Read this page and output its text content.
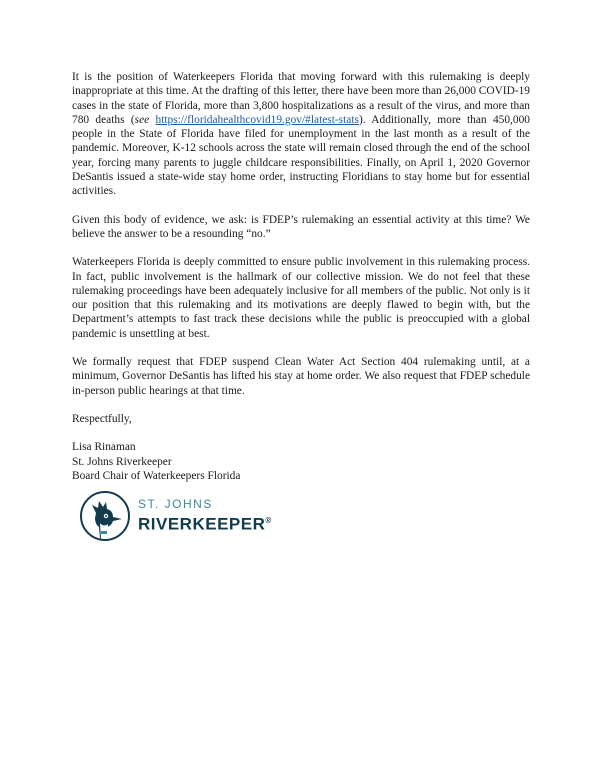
It is the position of Waterkeepers Florida that moving forward with this rulemaking is deeply inappropriate at this time. At the drafting of this letter, there have been more than 26,000 COVID-19 cases in the state of Florida, more than 3,800 hospitalizations as a result of the virus, and more than 780 deaths (see https://floridahealthcovid19.gov/#latest-stats). Additionally, more than 450,000 people in the State of Florida have filed for unemployment in the last month as a result of the pandemic. Moreover, K-12 schools across the state will remain closed through the end of the school year, forcing many parents to juggle childcare responsibilities. Finally, on April 1, 2020 Governor DeSantis issued a state-wide stay home order, instructing Floridians to stay home but for essential activities.

Given this body of evidence, we ask: is FDEP’s rulemaking an essential activity at this time? We believe the answer to be a resounding “no.”

Waterkeepers Florida is deeply committed to ensure public involvement in this rulemaking process. In fact, public involvement is the hallmark of our collective mission. We do not feel that these rulemaking proceedings have been adequately inclusive for all members of the public. Not only is it our position that this rulemaking and its motivations are deeply flawed to begin with, but the Department’s attempts to fast track these decisions while the public is preoccupied with a global pandemic is unsettling at best.

We formally request that FDEP suspend Clean Water Act Section 404 rulemaking until, at a minimum, Governor DeSantis has lifted his stay at home order. We also request that FDEP schedule in-person public hearings at that time.

Respectfully,

Lisa Rinaman
St. Johns Riverkeeper
Board Chair of Waterkeepers Florida
ST. JOHNS
RIVERKEEPER®
